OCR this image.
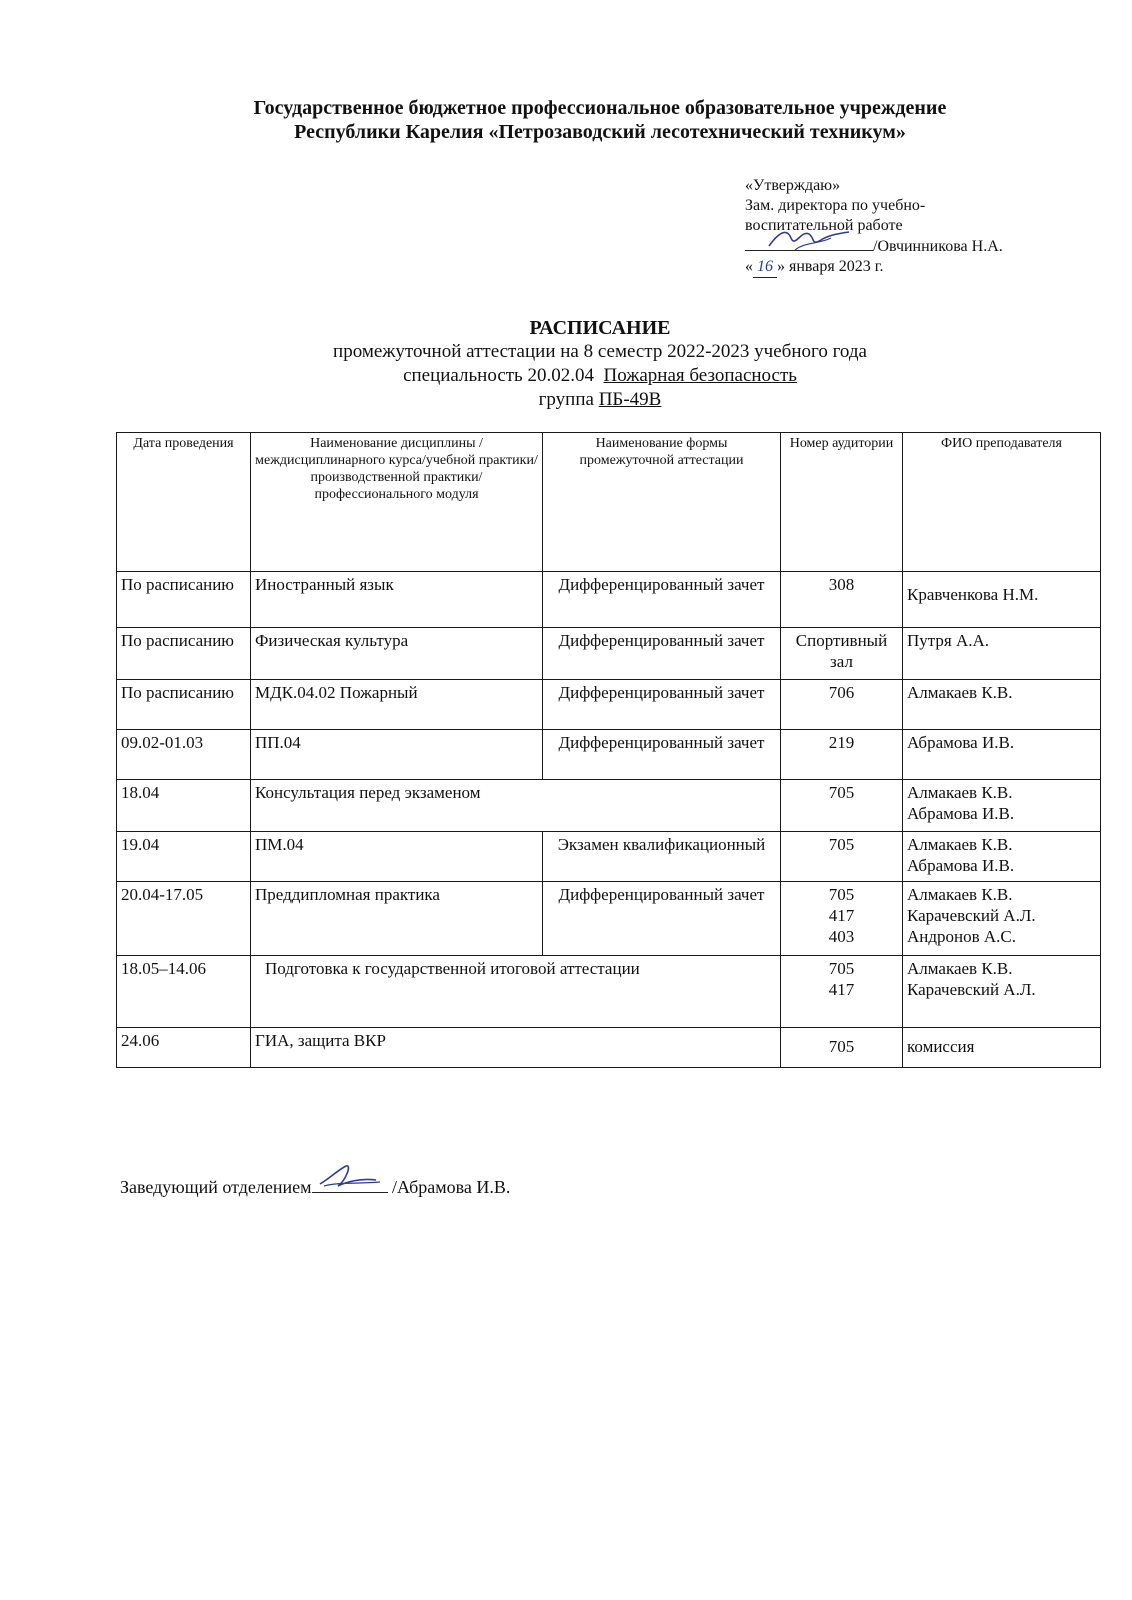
Государственное бюджетное профессиональное образовательное учреждение
Республики Карелия «Петрозаводский лесотехнический техникум»
«Утверждаю»
Зам. директора по учебно-
воспитательной работе
/Овчинникова Н.А.
« 16 » января 2023 г.
РАСПИСАНИЕ
промежуточной аттестации на 8 семестр 2022-2023 учебного года
специальность 20.02.04  Пожарная безопасность
группа ПБ-49В
Дата проведения	Наименование дисциплины /междисциплинарного курса/учебной практики/производственной практики/профессионального модуля	Наименование формы промежуточной аттестации	Номер аудитории	ФИО преподавателя
По расписанию	Иностранный язык	Дифференцированный зачет	308	Кравченкова Н.М.

По расписанию	Физическая культура	Дифференцированный зачет	Спортивный зал	Путря А.А.

По расписанию	МДК.04.02 Пожарный	Дифференцированный зачет	706	Алмакаев К.В.

09.02-01.03	ПП.04	Дифференцированный зачет	219	Абрамова И.В.

18.04	Консультация перед экзаменом		705	Алмакаев К.В.
Абрамова И.В.

19.04	ПМ.04	Экзамен квалификационный	705	Алмакаев К.В.
Абрамова И.В.

20.04-17.05	Преддипломная практика	Дифференцированный зачет	705
417
403	Алмакаев К.В.
Карачевский А.Л.
Андронов А.С.

18.05–14.06	Подготовка к государственной итоговой аттестации		705
417	Алмакаев К.В.
Карачевский А.Л.

24.06	ГИА, защита ВКР		705	комиссия
Заведующий отделением	/Абрамова И.В.
